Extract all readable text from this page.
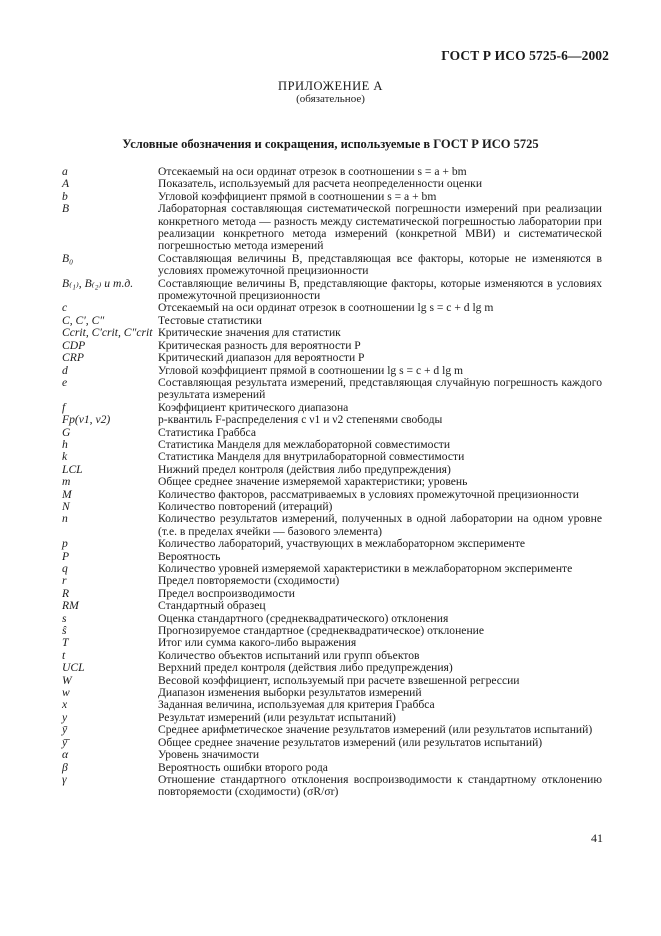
ГОСТ Р ИСО 5725-6—2002
ПРИЛОЖЕНИЕ А
(обязательное)
Условные обозначения и сокращения, используемые в ГОСТ Р ИСО 5725
a	Отсекаемый на оси ординат отрезок в соотношении s = a + bm
A	Показатель, используемый для расчета неопределенности оценки
b	Угловой коэффициент прямой в соотношении s = a + bm
B	Лабораторная составляющая систематической погрешности измерений при реализации конкретного метода — разность между систематической погрешностью лаборатории при реализации конкретного метода измерений (конкретной МВИ) и систематической погрешностью метода измерений
B₀	Составляющая величины B, представляющая все факторы, которые не изменяются в условиях промежуточной прецизионности
B₍₁₎, B₍₂₎ и т.д.	Составляющие величины B, представляющие факторы, которые изменяются в условиях промежуточной прецизионности
c	Отсекаемый на оси ординат отрезок в соотношении lg s = c + d lg m
C, C′, C″	Тестовые статистики
Ccrit, C′crit, C″crit Критические значения для статистик
CDP	Критическая разность для вероятности P
CRP	Критический диапазон для вероятности P
d	Угловой коэффициент прямой в соотношении lg s = c + d lg m
e	Составляющая результата измерений, представляющая случайную погрешность каждого результата измерений
f	Коэффициент критического диапазона
Fp(ν1, ν2)	p-квантиль F-распределения с ν1 и ν2 степенями свободы
G	Статистика Граббса
h	Статистика Манделя для межлабораторной совместимости
k	Статистика Манделя для внутрилабораторной совместимости
LCL	Нижний предел контроля (действия либо предупреждения)
m	Общее среднее значение измеряемой характеристики; уровень
M	Количество факторов, рассматриваемых в условиях промежуточной прецизионности
N	Количество повторений (итераций)
n	Количество результатов измерений, полученных в одной лаборатории на одном уровне (т.е. в пределах ячейки — базового элемента)
p	Количество лабораторий, участвующих в межлабораторном эксперименте
P	Вероятность
q	Количество уровней измеряемой характеристики в межлабораторном эксперименте
r	Предел повторяемости (сходимости)
R	Предел воспроизводимости
RM	Стандартный образец
s	Оценка стандартного (среднеквадратического) отклонения
ŝ	Прогнозируемое стандартное (среднеквадратическое) отклонение
T	Итог или сумма какого-либо выражения
t	Количество объектов испытаний или групп объектов
UCL	Верхний предел контроля (действия либо предупреждения)
W	Весовой коэффициент, используемый при расчете взвешенной регрессии
w	Диапазон изменения выборки результатов измерений
x	Заданная величина, используемая для критерия Граббса
y	Результат измерений (или результат испытаний)
ȳ	Среднее арифметическое значение результатов измерений (или результатов испытаний)
ȳ̄	Общее среднее значение результатов измерений (или результатов испытаний)
α	Уровень значимости
β	Вероятность ошибки второго рода
γ	Отношение стандартного отклонения воспроизводимости к стандартному отклонению повторяемости (сходимости) (σR/σr)
41
